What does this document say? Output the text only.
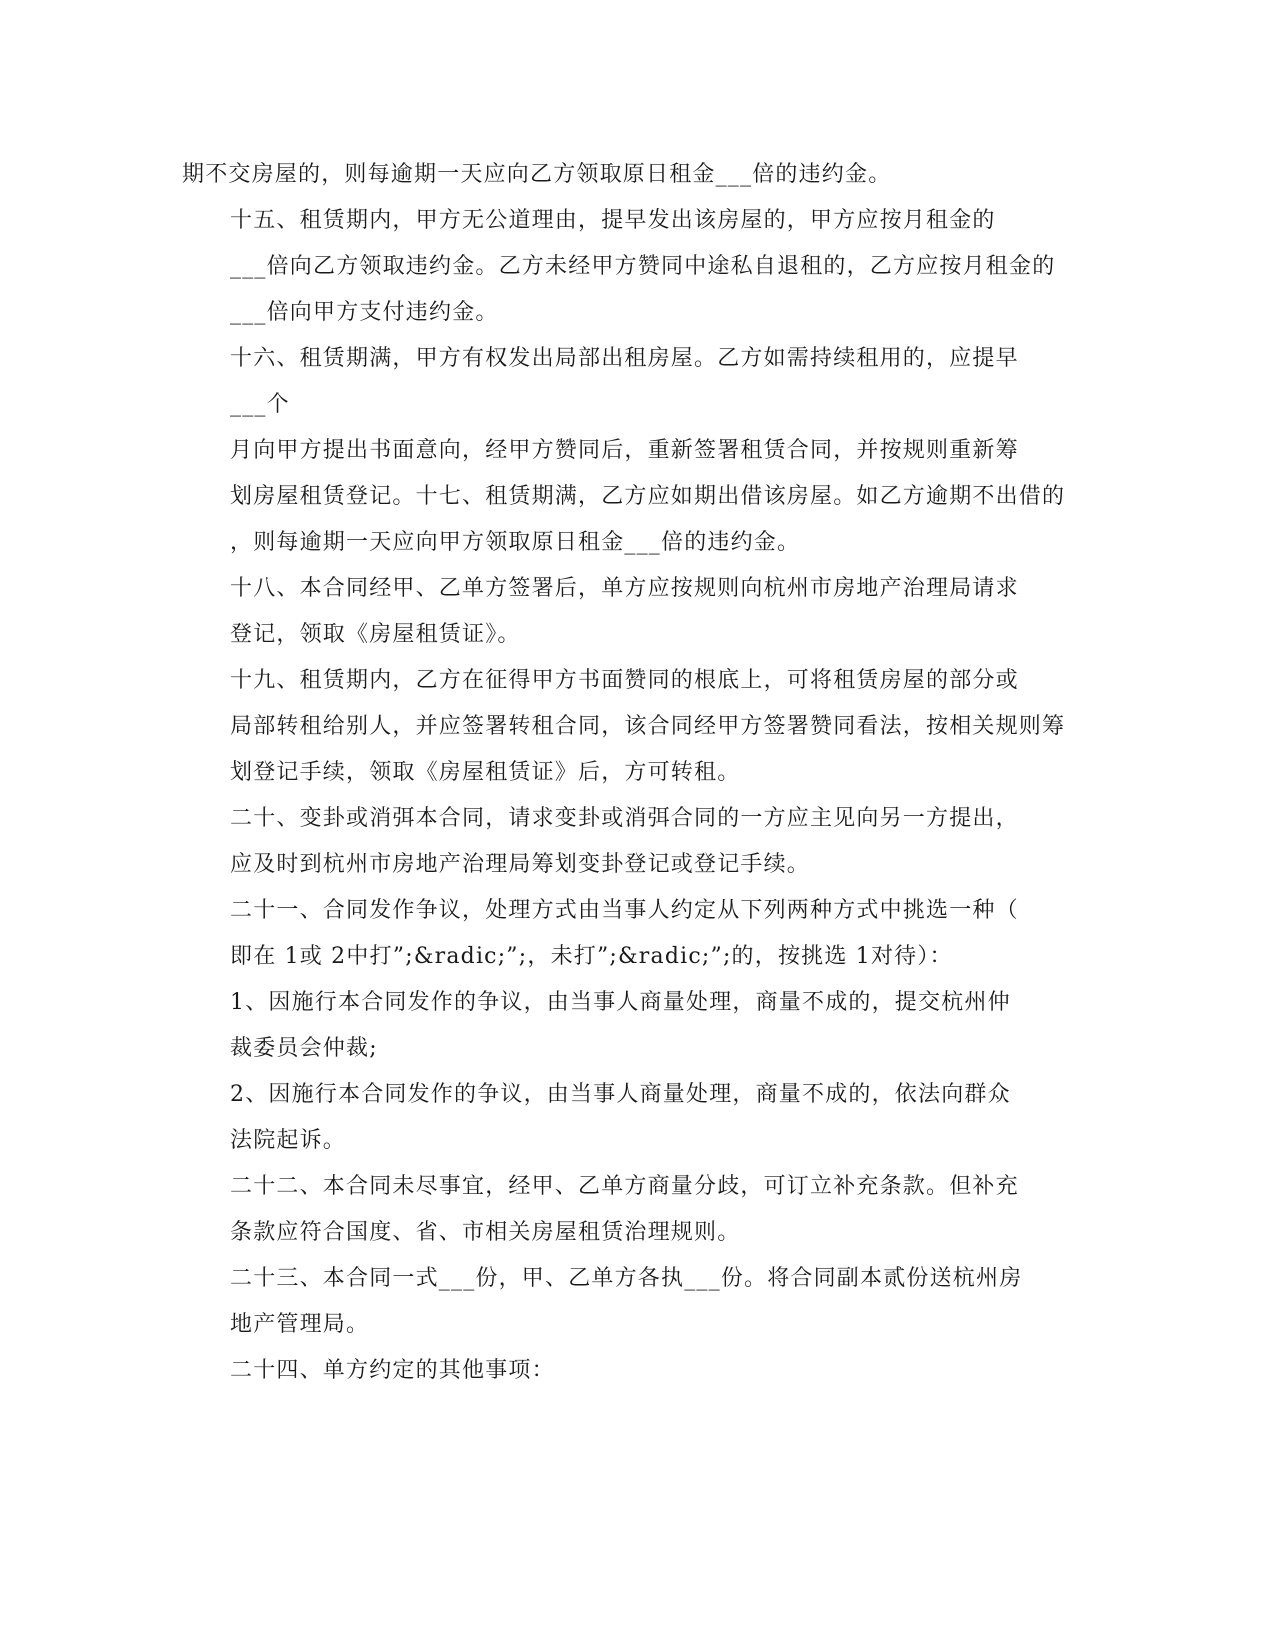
期不交房屋的，则每逾期一天应向乙方领取原日租金___倍的违约金。

十五、租赁期内，甲方无公道理由，提早发出该房屋的，甲方应按月租金的
___倍向乙方领取违约金。乙方未经甲方赞同中途私自退租的，乙方应按月租金的
___倍向甲方支付违约金。

十六、租赁期满，甲方有权发出局部出租房屋。乙方如需持续租用的，应提早
___个

月向甲方提出书面意向，经甲方赞同后，重新签署租赁合同，并按规则重新筹
划房屋租赁登记。十七、租赁期满，乙方应如期出借该房屋。如乙方逾期不出借的
，则每逾期一天应向甲方领取原日租金___倍的违约金。

十八、本合同经甲、乙单方签署后，单方应按规则向杭州市房地产治理局请求
登记，领取《房屋租赁证》。

十九、租赁期内，乙方在征得甲方书面赞同的根底上，可将租赁房屋的部分或
局部转租给别人，并应签署转租合同，该合同经甲方签署赞同看法，按相关规则筹
划登记手续，领取《房屋租赁证》后，方可转租。

二十、变卦或消弭本合同，请求变卦或消弭合同的一方应主见向另一方提出，
应及时到杭州市房地产治理局筹划变卦登记或登记手续。

二十一、合同发作争议，处理方式由当事人约定从下列两种方式中挑选一种（
即在 1或 2中打”;&radic;”;，未打”;&radic;”;的，按挑选 1对待）：

1、因施行本合同发作的争议，由当事人商量处理，商量不成的，提交杭州仲
裁委员会仲裁;

2、因施行本合同发作的争议，由当事人商量处理，商量不成的，依法向群众
法院起诉。

二十二、本合同未尽事宜，经甲、乙单方商量分歧，可订立补充条款。但补充
条款应符合国度、省、市相关房屋租赁治理规则。

二十三、本合同一式___份，甲、乙单方各执___份。将合同副本贰份送杭州房
地产管理局。

二十四、单方约定的其他事项：
